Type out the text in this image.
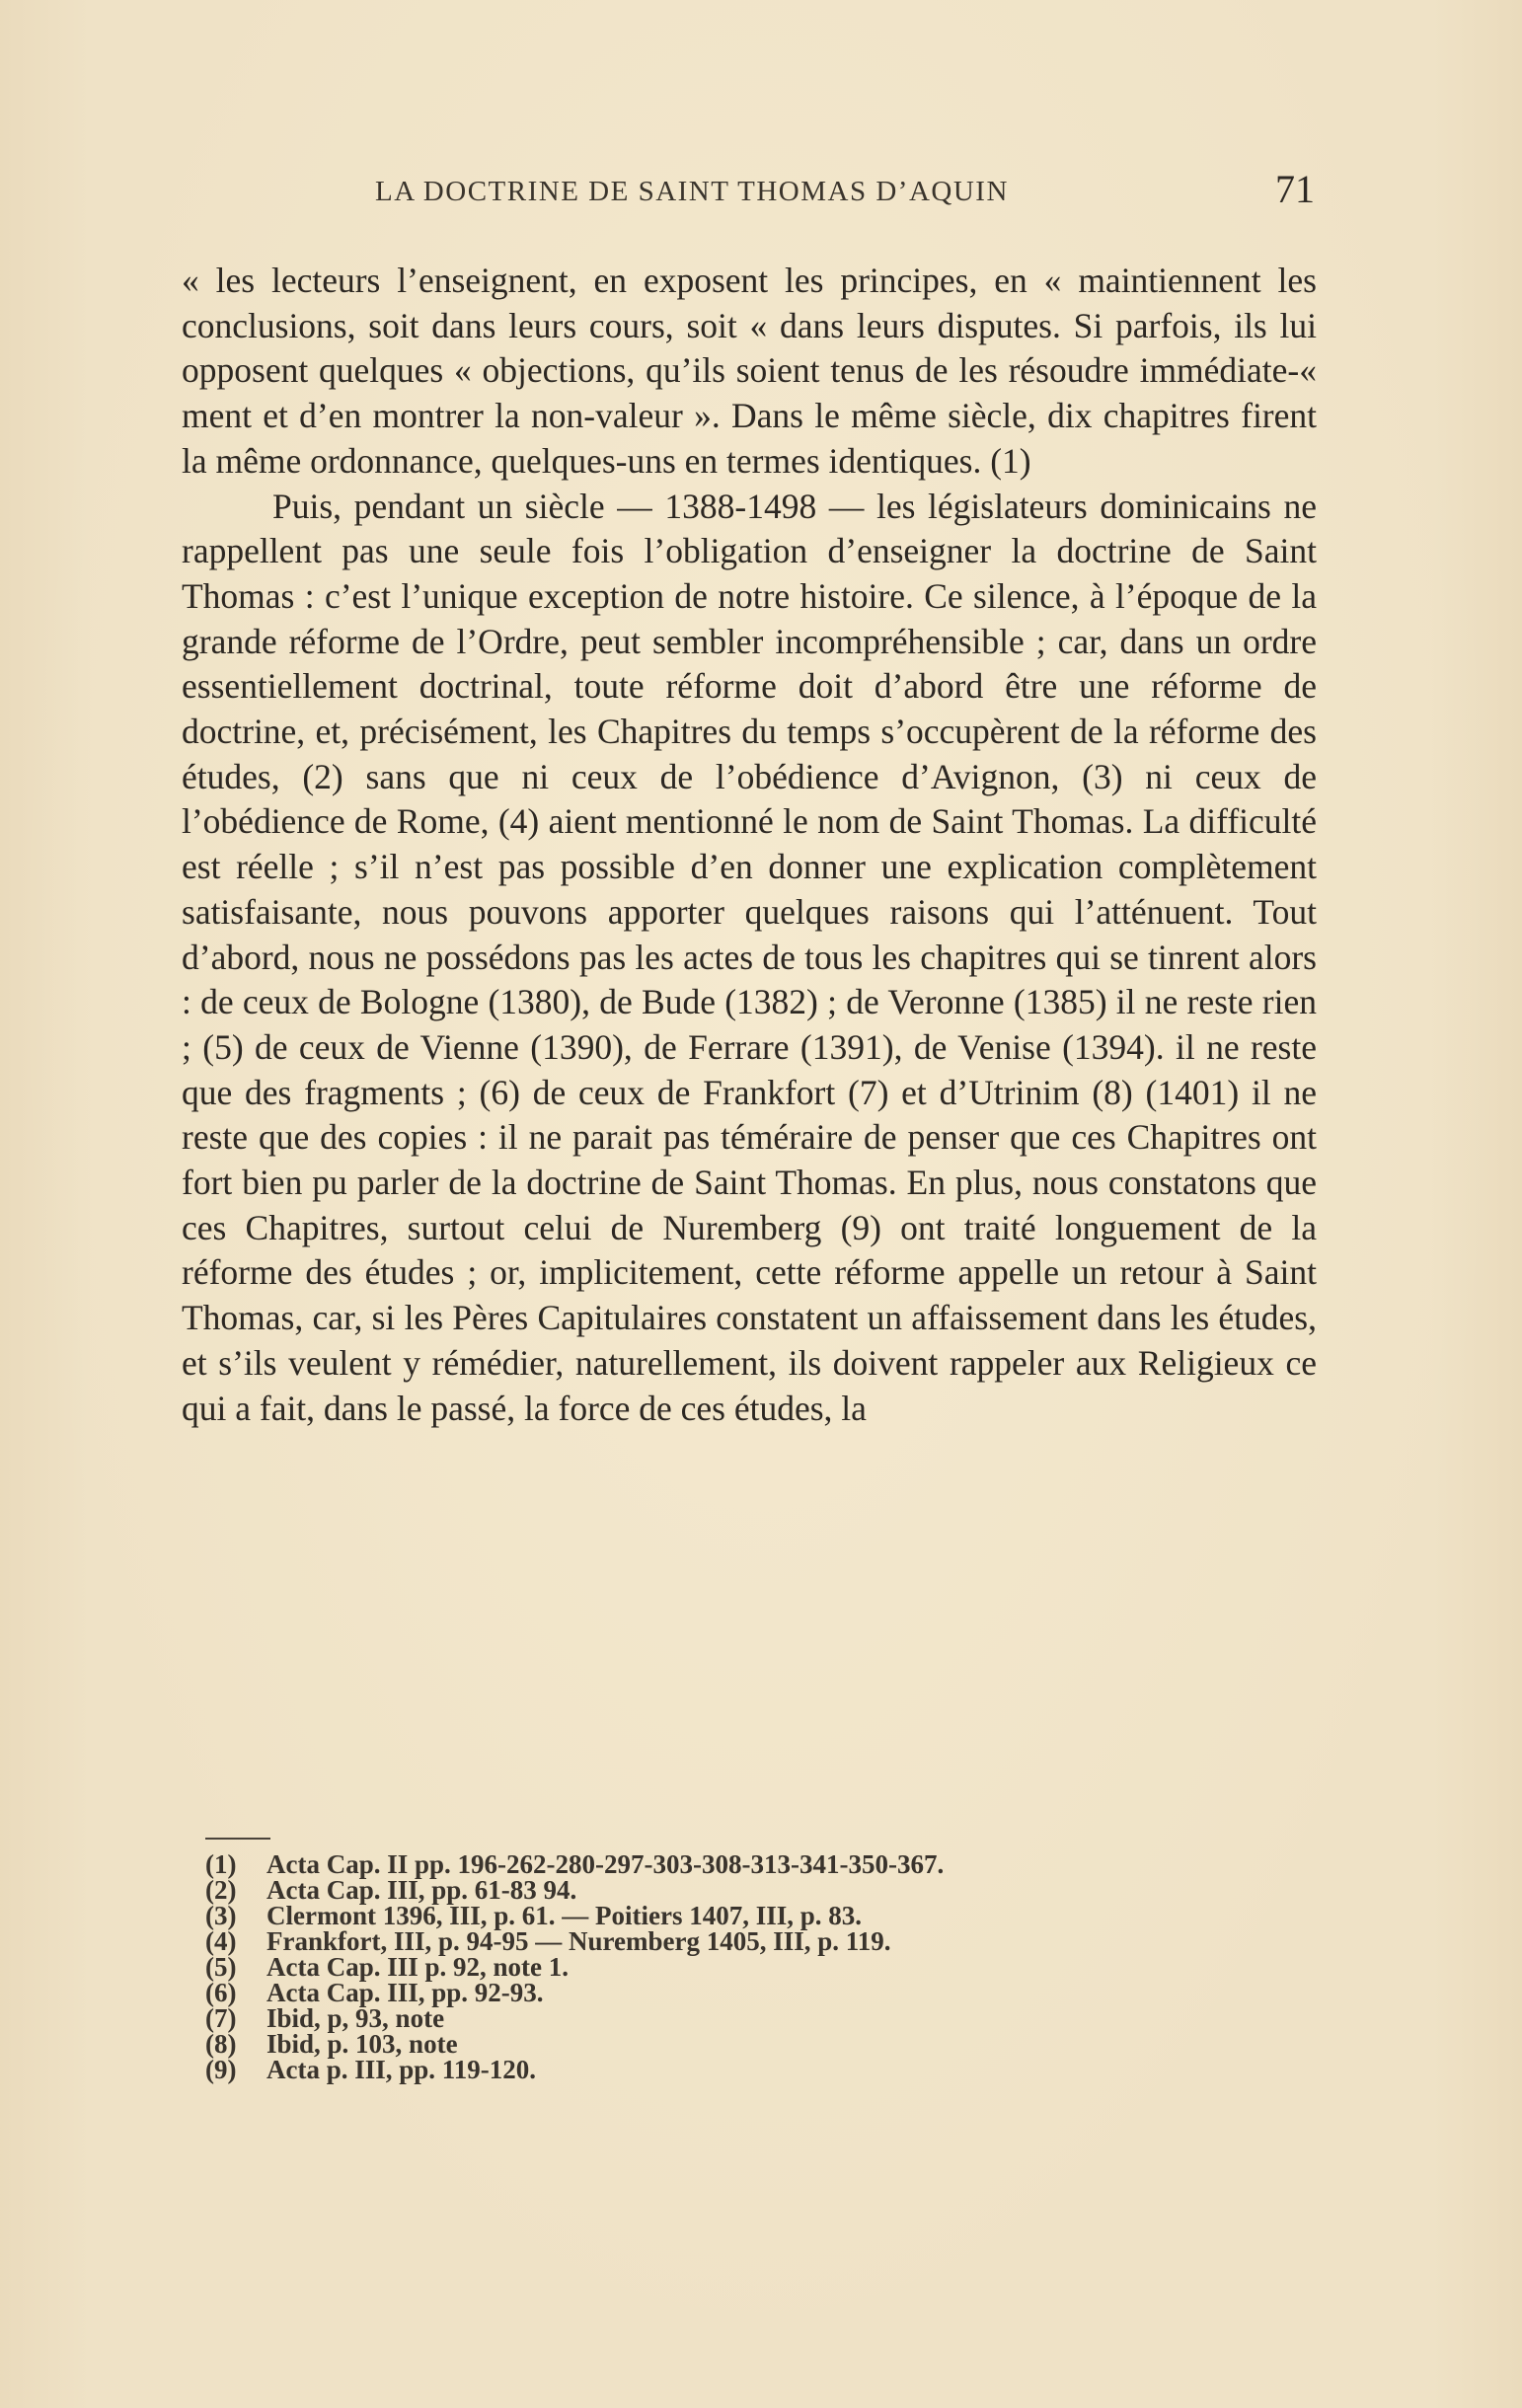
LA DOCTRINE DE SAINT THOMAS D’AQUIN	71

« les lecteurs l’enseignent, en exposent les principes, en « maintiennent les conclusions, soit dans leurs cours, soit « dans leurs disputes. Si parfois, ils lui opposent quelques « objections, qu’ils soient tenus de les résoudre immédiate-« ment et d’en montrer la non-valeur ». Dans le même siècle, dix chapitres firent la même ordonnance, quelques-uns en termes identiques. (1)

Puis, pendant un siècle — 1388-1498 — les législateurs dominicains ne rappellent pas une seule fois l’obligation d’enseigner la doctrine de Saint Thomas : c’est l’unique exception de notre histoire. Ce silence, à l’époque de la grande réforme de l’Ordre, peut sembler incompréhensible ; car, dans un ordre essentiellement doctrinal, toute réforme doit d’abord être une réforme de doctrine, et, précisément, les Chapitres du temps s’occupèrent de la réforme des études, (2) sans que ni ceux de l’obédience d’Avignon, (3) ni ceux de l’obédience de Rome, (4) aient mentionné le nom de Saint Thomas. La difficulté est réelle ; s’il n’est pas possible d’en donner une explication complètement satisfaisante, nous pouvons apporter quelques raisons qui l’atténuent. Tout d’abord, nous ne possédons pas les actes de tous les chapitres qui se tinrent alors : de ceux de Bologne (1380), de Bude (1382) ; de Veronne (1385) il ne reste rien ; (5) de ceux de Vienne (1390), de Ferrare (1391), de Venise (1394). il ne reste que des fragments ; (6) de ceux de Frankfort (7) et d’Utrinim (8) (1401) il ne reste que des copies : il ne parait pas téméraire de penser que ces Chapitres ont fort bien pu parler de la doctrine de Saint Thomas. En plus, nous constatons que ces Chapitres, surtout celui de Nuremberg (9) ont traité longuement de la réforme des études ; or, implicitement, cette réforme appelle un retour à Saint Thomas, car, si les Pères Capitulaires constatent un affaissement dans les études, et s’ils veulent y rémédier, naturellement, ils doivent rappeler aux Religieux ce qui a fait, dans le passé, la force de ces études, la

(1) Acta Cap. II pp. 196-262-280-297-303-308-313-341-350-367.
(2) Acta Cap. III, pp. 61-83 94.
(3) Clermont 1396, III, p. 61. — Poitiers 1407, III, p. 83.
(4) Frankfort, III, p. 94-95 — Nuremberg 1405, III, p. 119.
(5) Acta Cap. III p. 92, note 1.
(6) Acta Cap. III, pp. 92-93.
(7) Ibid, p, 93, note
(8) Ibid, p. 103, note
(9) Acta p. III, pp. 119-120.
